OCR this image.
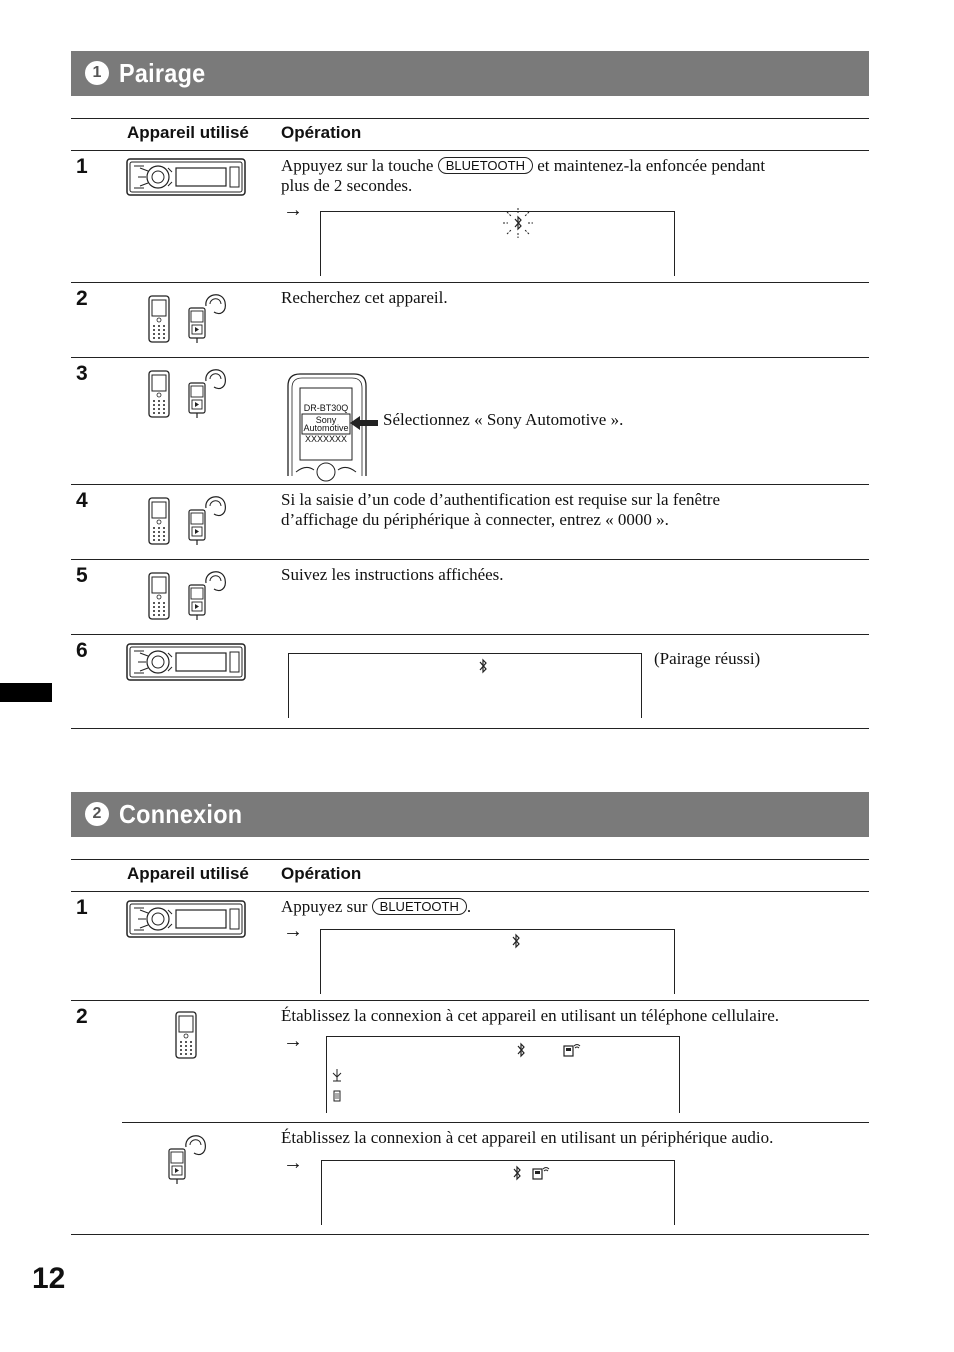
1 Pairage
Appareil utilisé Opération
1	Appuyez sur la touche BLUETOOTH et maintenez-la enfoncée pendant
plus de 2 secondes.
→
2	Recherchez cet appareil.
3
DR-BT30Q
Sony
Automotive
XXXXXXX
Sélectionnez « Sony Automotive ».
4	Si la saisie d’un code d’authentification est requise sur la fenêtre
d’affichage du périphérique à connecter, entrez « 0000 ».
5	Suivez les instructions affichées.
6	(Pairage réussi)
2 Connexion
Appareil utilisé Opération
1	Appuyez sur BLUETOOTH .
→
2	Établissez la connexion à cet appareil en utilisant un téléphone cellulaire.
→
Établissez la connexion à cet appareil en utilisant un périphérique audio.
→
12
